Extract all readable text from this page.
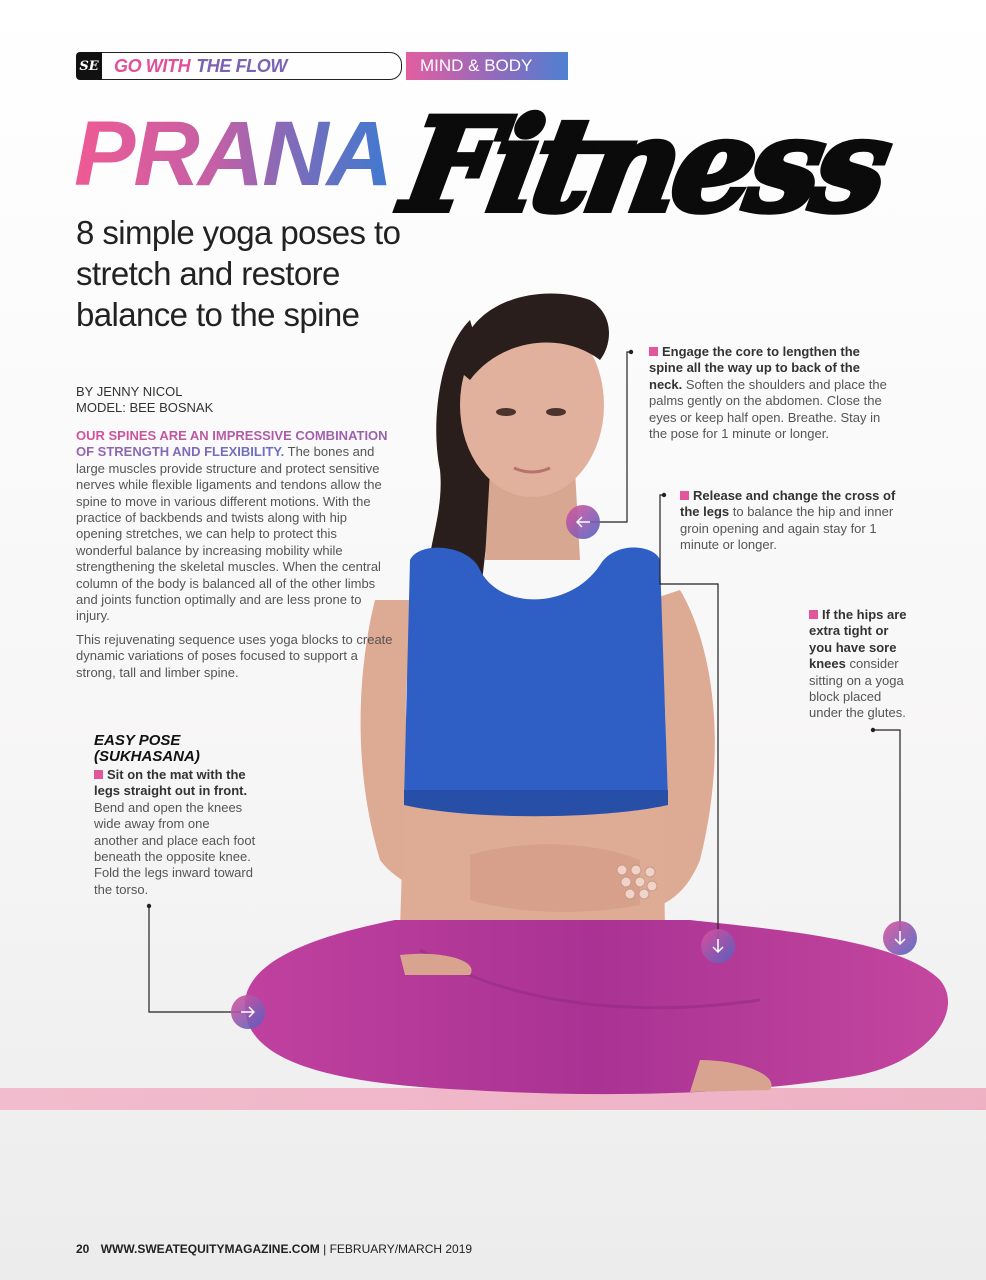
SE GO WITH THE FLOW	MIND & BODY
PRANA Fitness
8 simple yoga poses to stretch and restore balance to the spine
BY JENNY NICOL
MODEL: BEE BOSNAK

OUR SPINES ARE AN IMPRESSIVE COMBINATION OF STRENGTH AND FLEXIBILITY. The bones and large muscles provide structure and protect sensitive nerves while flexible ligaments and tendons allow the spine to move in various different motions. With the practice of backbends and twists along with hip opening stretches, we can help to protect this wonderful balance by increasing mobility while strengthening the skeletal muscles. When the central column of the body is balanced all of the other limbs and joints function optimally and are less prone to injury.

This rejuvenating sequence uses yoga blocks to create dynamic variations of poses focused to support a strong, tall and limber spine.

EASY POSE
(SUKHASANA)
Sit on the mat with the legs straight out in front. Bend and open the knees wide away from one another and place each foot beneath the opposite knee. Fold the legs inward toward the torso.
Engage the core to lengthen the spine all the way up to back of the neck. Soften the shoulders and place the palms gently on the abdomen. Close the eyes or keep half open. Breathe. Stay in the pose for 1 minute or longer.
Release and change the cross of the legs to balance the hip and inner groin opening and again stay for 1 minute or longer.
If the hips are extra tight or you have sore knees consider sitting on a yoga block placed under the glutes.
20 WWW.SWEATEQUITYMAGAZINE.COM | FEBRUARY/MARCH 2019
